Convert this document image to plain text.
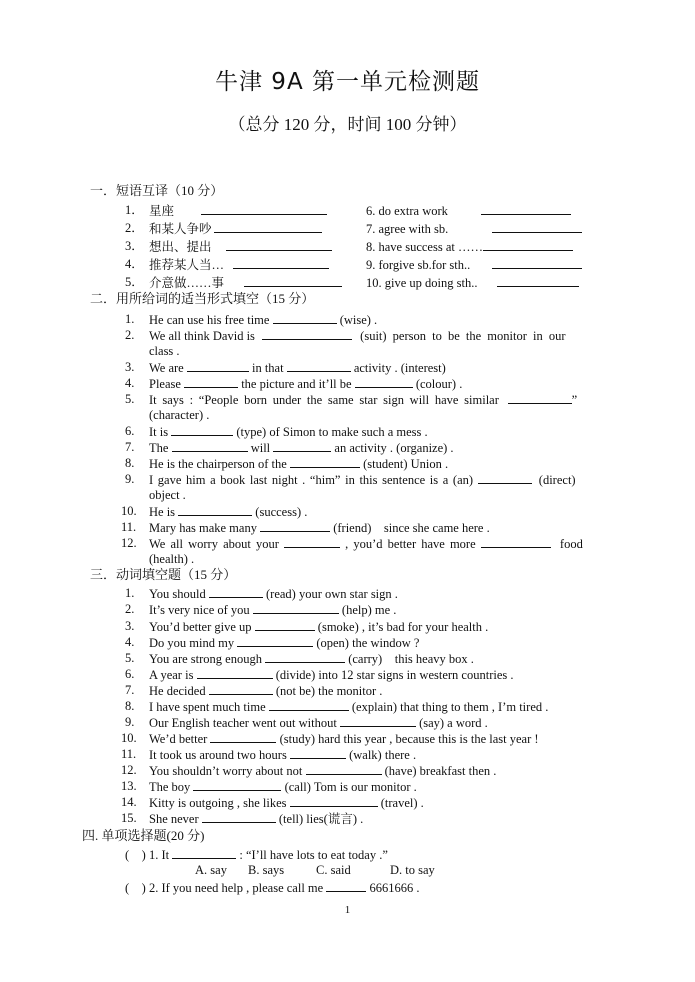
牛津 9A 第一单元检测题
（总分 120 分，时间 100 分钟）
一．短语互译（10 分）
1． 星座
2． 和某人争吵
3． 想出、提出
4． 推荐某人当…
5． 介意做……事
6. do extra work
7. agree with sb.
8. have success at ……
9. forgive sb.for sth..
10. give up doing sth..
二．用所给词的适当形式填空（15 分）
1. He can use his free time	(wise) .
2. We all think David is	(suit) person to be the monitor in our
class .
3. We are	in that	activity . (interest)
4. Please	the picture and it’ll be	(colour) .
5. It says : “People born under the same star sign will have similar	”
(character) .
6. It is	(type) of Simon to make such a mess .
7. The	will	an activity . (organize) .
8. He is the chairperson of the	(student) Union .
9. I gave him a book last night . “him” in this sentence is a (an)	(direct)
object .
10. He is	(success) .
11. Mary has make many	(friend)    since she came here .
12. We all worry about your	, you’d better have more	food
(health) .
三．动词填空题（15 分）
1. You should	(read) your own star sign .
2. It’s very nice of you	(help) me .
3. You’d better give up	(smoke) , it’s bad for your health .
4. Do you mind my	(open) the window ?
5. You are strong enough	(carry)    this heavy box .
6. A year is	(divide) into 12 star signs in western countries .
7. He decided	(not be) the monitor .
8. I have spent much time	(explain) that thing to them , I’m tired .
9. Our English teacher went out without	(say) a word .
10. We’d better	(study) hard this year , because this is the last year !
11. It took us around two hours	(walk) there .
12. You shouldn’t worry about not	(have) breakfast then .
13. The boy	(call) Tom is our monitor .
14. Kitty is outgoing , she likes	(travel) .
15. She never	(tell) lies(谎言) .
四. 单项选择题(20 分)
(    ) 1. It	: “I’ll have lots to eat today .”
A. say B. says	C. said	D. to say
(    ) 2. If you need help , please call me	6661666 .
1
